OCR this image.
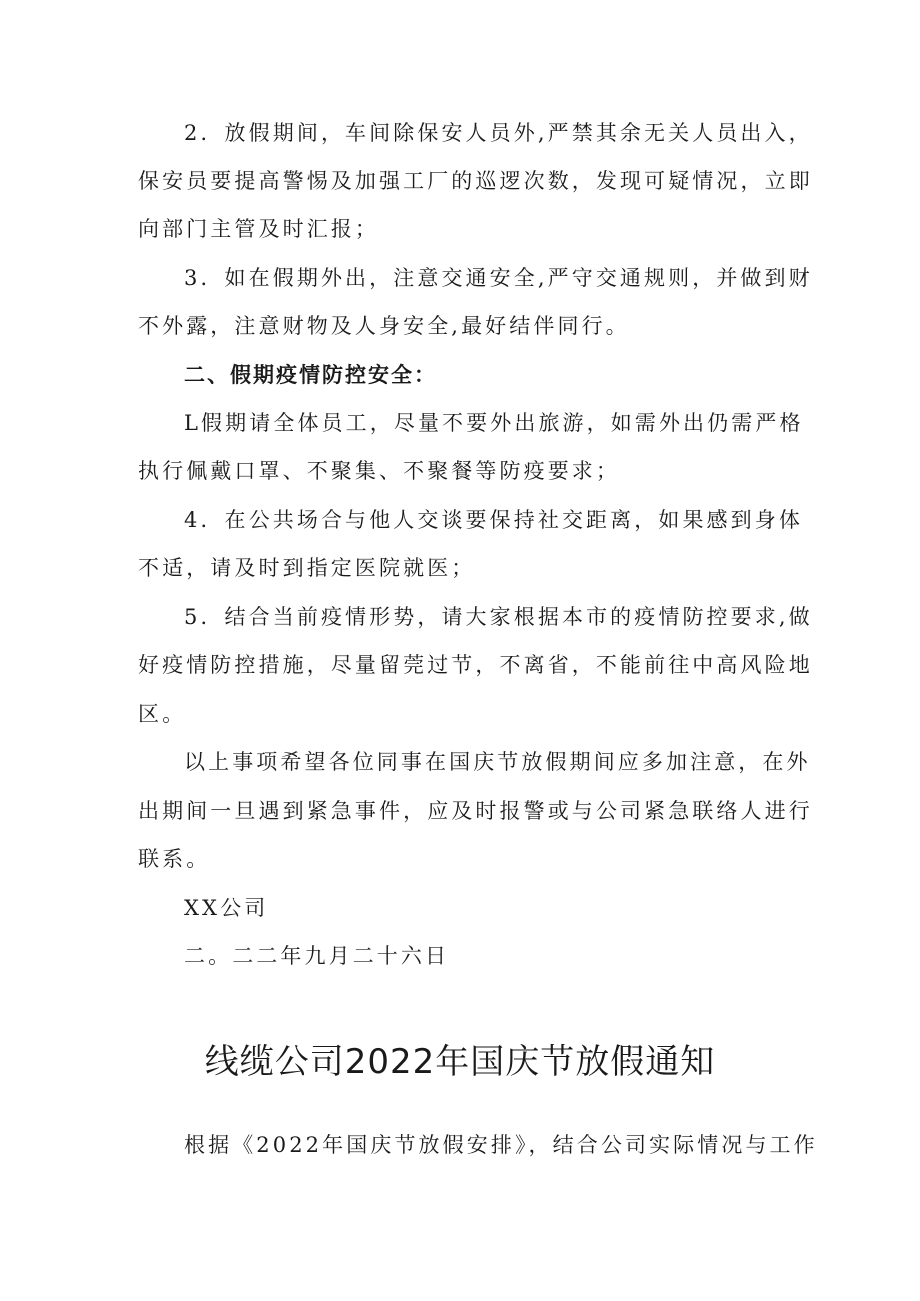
2．放假期间，车间除保安人员外,严禁其余无关人员出入，
保安员要提高警惕及加强工厂的巡逻次数，发现可疑情况，立即
向部门主管及时汇报；
3．如在假期外出，注意交通安全,严守交通规则，并做到财
不外露，注意财物及人身安全,最好结伴同行。
二、假期疫情防控安全：
L假期请全体员工，尽量不要外出旅游，如需外出仍需严格
执行佩戴口罩、不聚集、不聚餐等防疫要求；
4．在公共场合与他人交谈要保持社交距离，如果感到身体
不适，请及时到指定医院就医；
5．结合当前疫情形势，请大家根据本市的疫情防控要求,做
好疫情防控措施，尽量留莞过节，不离省，不能前往中高风险地
区。
以上事项希望各位同事在国庆节放假期间应多加注意，在外
出期间一旦遇到紧急事件，应及时报警或与公司紧急联络人进行
联系。
XX公司
二。二二年九月二十六日
线缆公司2022年国庆节放假通知
根据《2022年国庆节放假安排》，结合公司实际情况与工作
